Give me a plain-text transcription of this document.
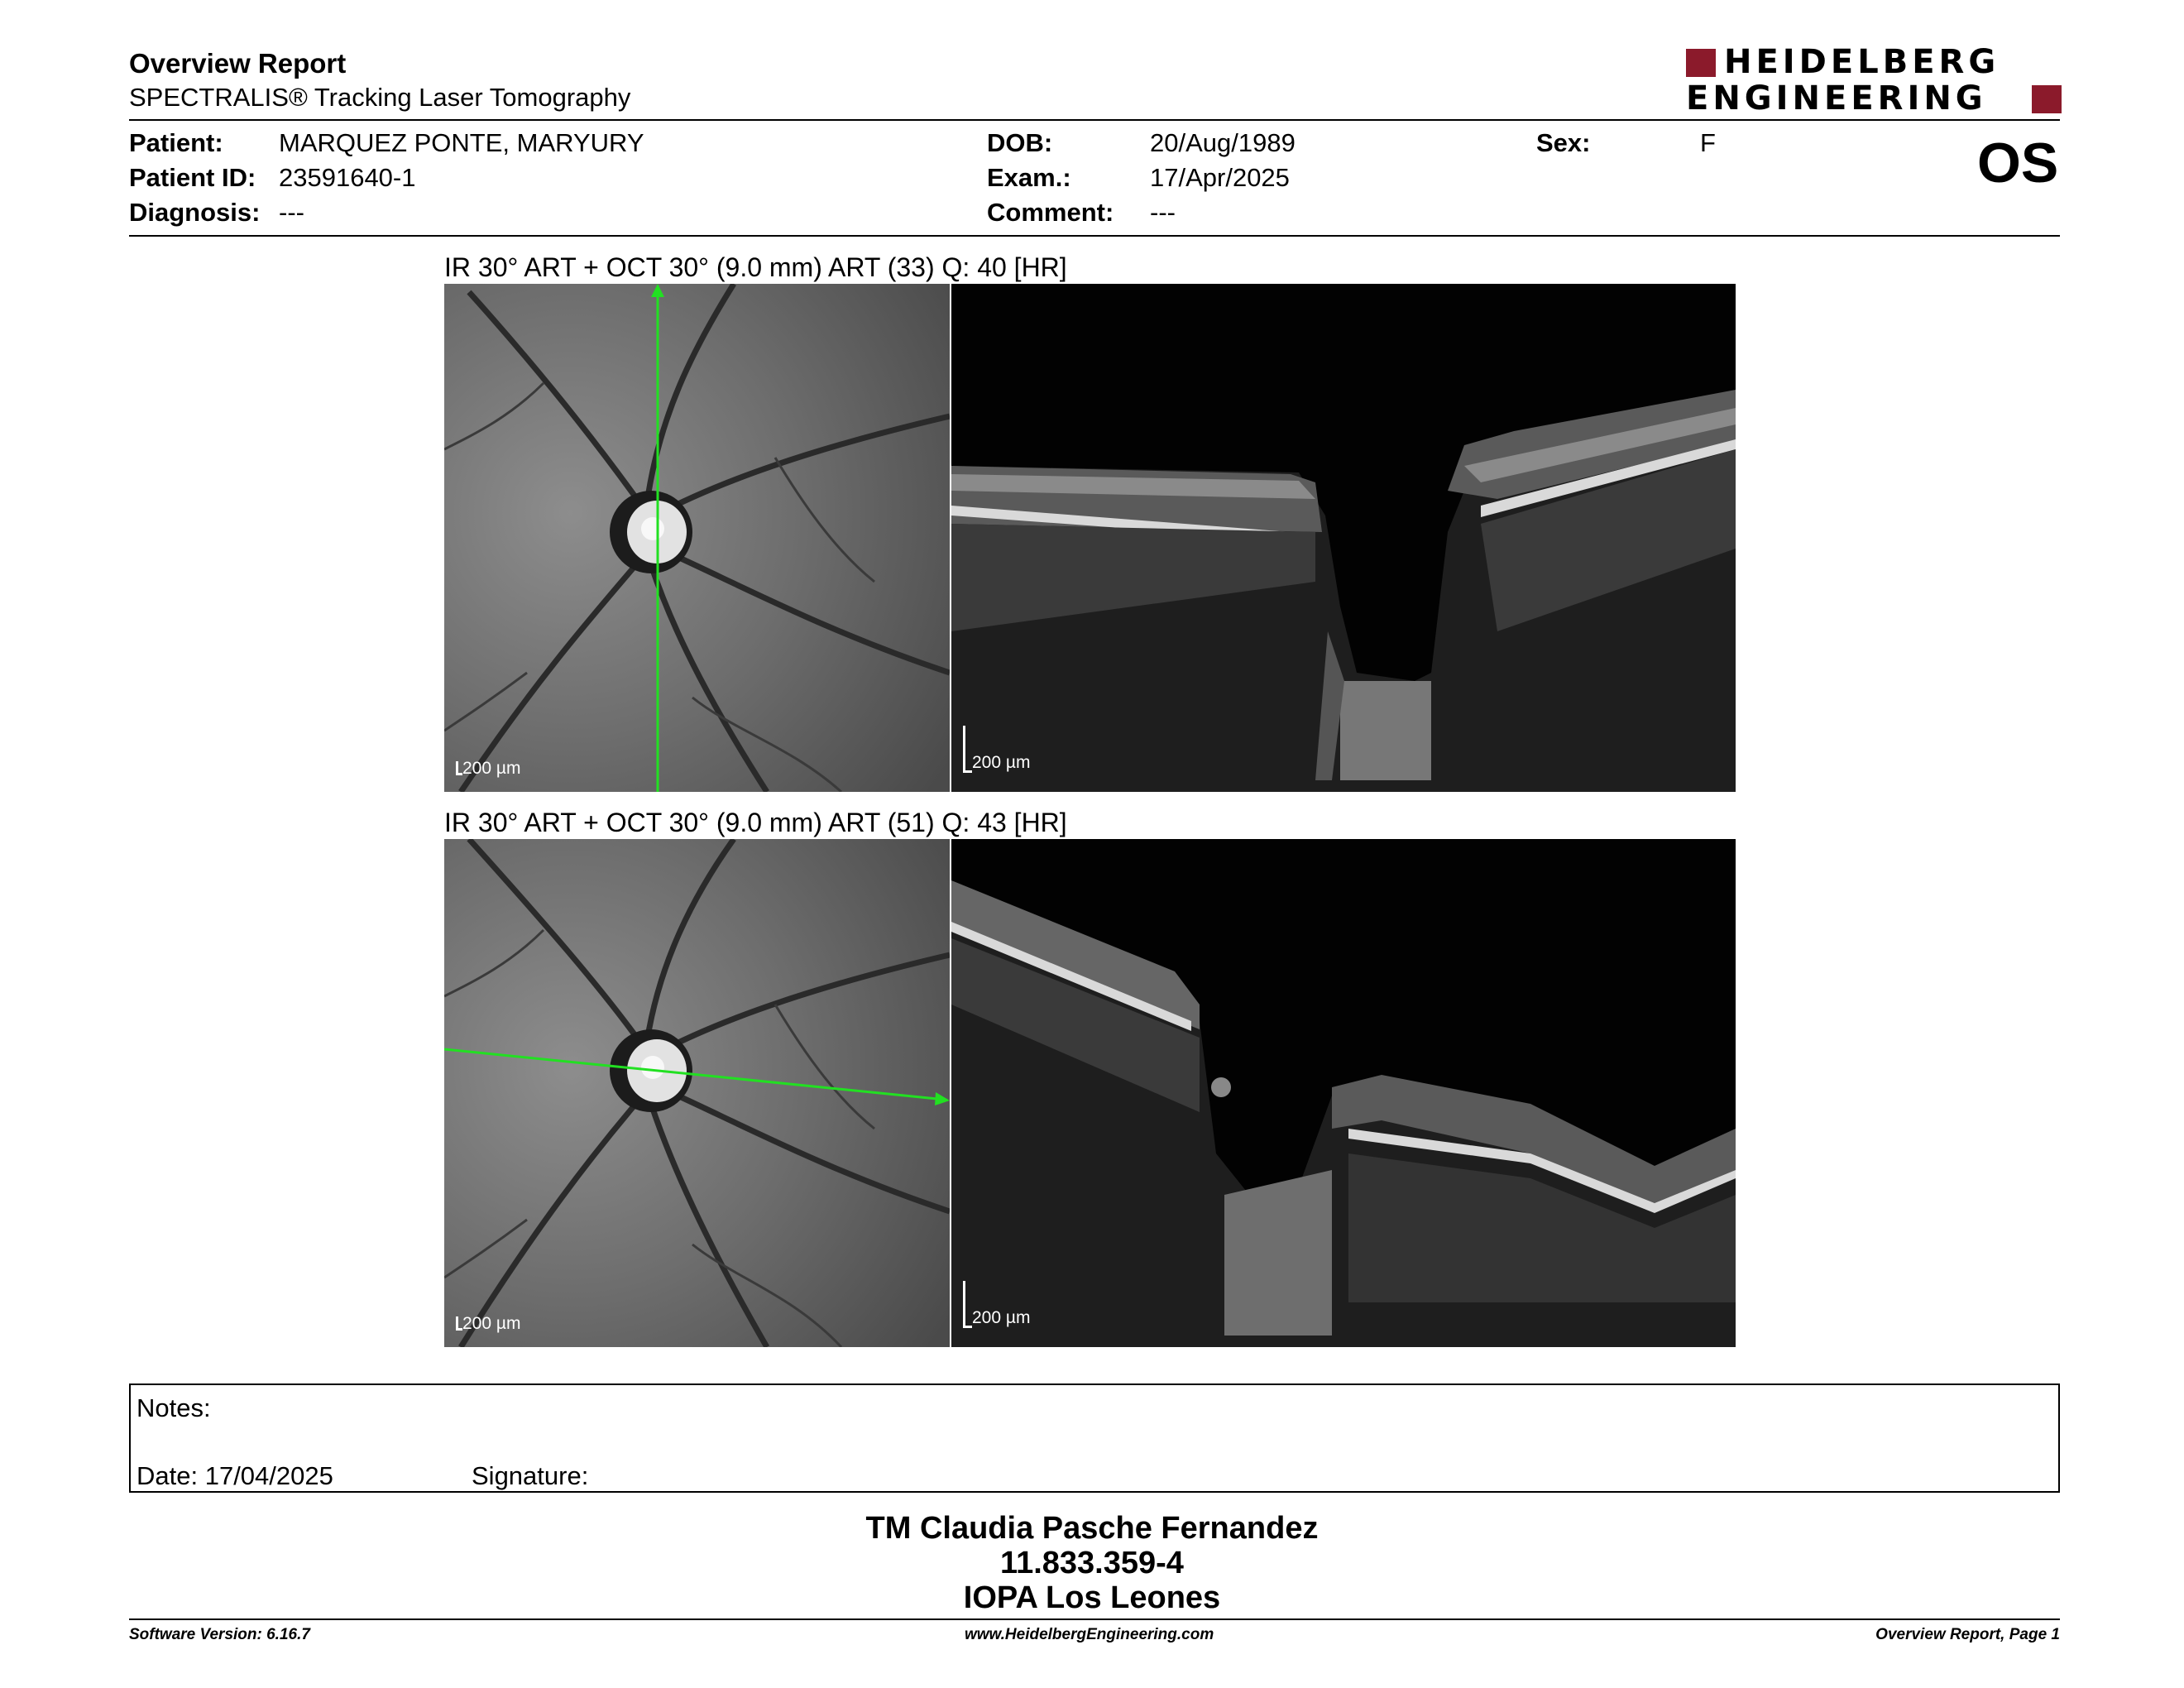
Overview Report
SPECTRALIS® Tracking Laser Tomography
HEIDELBERG
ENGINEERING
Patient: MARQUEZ PONTE, MARYURY
Patient ID: 23591640-1
Diagnosis: ---
DOB:	20/Aug/1989
Exam.:	17/Apr/2025
Comment: ---
Sex:	F	OS
IR 30° ART + OCT 30° (9.0 mm) ART (33) Q: 40 [HR]
200 µm	200 µm
IR 30° ART + OCT 30° (9.0 mm) ART (51) Q: 43 [HR]
200 µm	200 µm
Notes:
Date: 17/04/2025	Signature:
TM Claudia Pasche Fernandez
11.833.359-4
IOPA Los Leones
Software Version: 6.16.7	www.HeidelbergEngineering.com	Overview Report, Page 1
